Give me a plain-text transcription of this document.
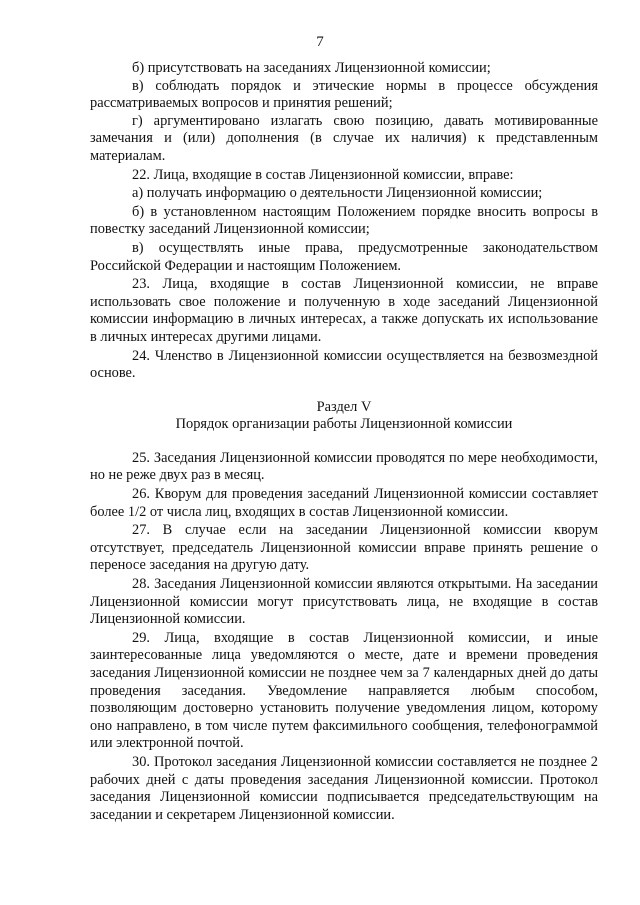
7

б) присутствовать на заседаниях Лицензионной комиссии;

в) соблюдать порядок и этические нормы в процессе обсуждения рассматриваемых вопросов и принятия решений;

г) аргументировано излагать свою позицию, давать мотивированные замечания и (или) дополнения (в случае их наличия) к представленным материалам.

22. Лица, входящие в состав Лицензионной комиссии, вправе:

а) получать информацию о деятельности Лицензионной комиссии;

б) в установленном настоящим Положением порядке вносить вопросы в повестку заседаний Лицензионной комиссии;

в) осуществлять иные права, предусмотренные законодательством Российской Федерации и настоящим Положением.

23. Лица, входящие в состав Лицензионной комиссии, не вправе использовать свое положение и полученную в ходе заседаний Лицензионной комиссии информацию в личных интересах, а также допускать их использование в личных интересах другими лицами.

24. Членство в Лицензионной комиссии осуществляется на безвозмездной основе.

Раздел V

Порядок организации работы Лицензионной комиссии

25. Заседания Лицензионной комиссии проводятся по мере необходимости, но не реже двух раз в месяц.

26. Кворум для проведения заседаний Лицензионной комиссии составляет более 1/2 от числа лиц, входящих в состав Лицензионной комиссии.

27. В случае если на заседании Лицензионной комиссии кворум отсутствует, председатель Лицензионной комиссии вправе принять решение о переносе заседания на другую дату.

28. Заседания Лицензионной комиссии являются открытыми. На заседании Лицензионной комиссии могут присутствовать лица, не входящие в состав Лицензионной комиссии.

29. Лица, входящие в состав Лицензионной комиссии, и иные заинтересованные лица уведомляются о месте, дате и времени проведения заседания Лицензионной комиссии не позднее чем за 7 календарных дней до даты проведения заседания. Уведомление направляется любым способом, позволяющим достоверно установить получение уведомления лицом, которому оно направлено, в том числе путем факсимильного сообщения, телефонограммой или электронной почтой.

30. Протокол заседания Лицензионной комиссии составляется не позднее 2 рабочих дней с даты проведения заседания Лицензионной комиссии. Протокол заседания Лицензионной комиссии подписывается председательствующим на заседании и секретарем Лицензионной комиссии.
